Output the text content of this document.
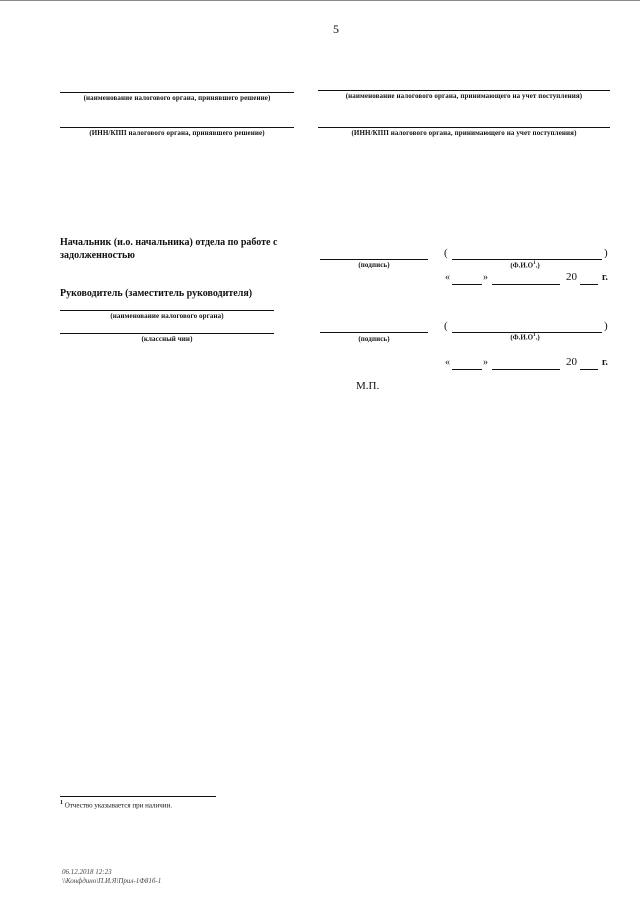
5
(наименование налогового органа, принявшего решение)
(ИНН/КПП налогового органа, принявшего решение)
(наименование налогового органа, принимающего на учет поступления)
(ИНН/КПП налогового органа, принимающего на учет поступления)
Начальник (и.о. начальника) отдела по работе с задолженностью
(подпись)
(	)
$(Ф.И.О^1.)$
«	»	20	г.
Руководитель (заместитель руководителя)
(наименование налогового органа)
(классный чин)	(подпись)
(	)
$(Ф.И.О^1.)$
«	»	20	г.
М.П.
1 Отчество указывается при наличии.
06.12.2018 12:23
\\Конфдино\П.И.Я\Прил-1Ф81б-1
